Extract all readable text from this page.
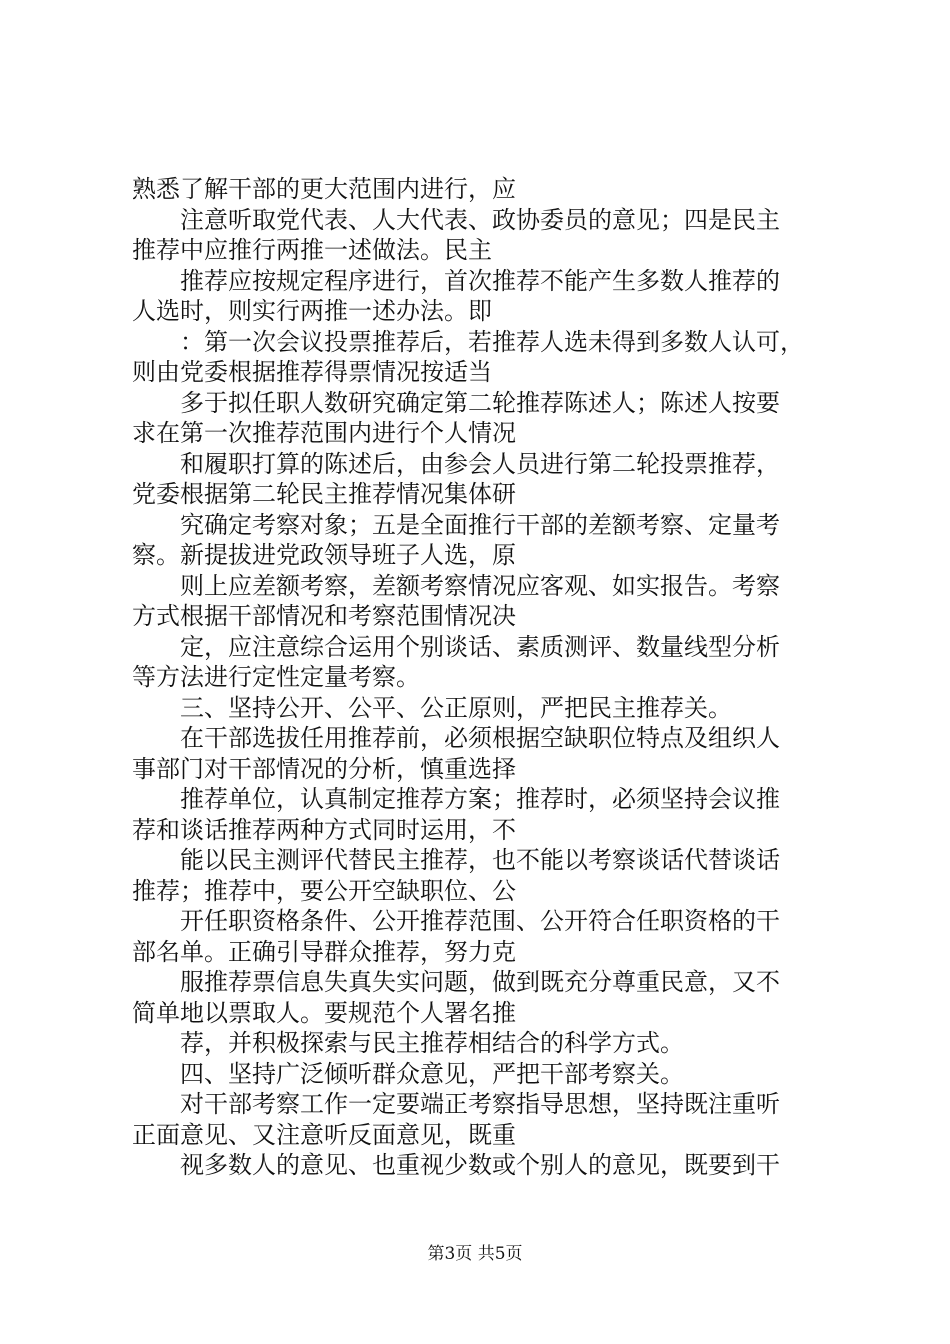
熟悉了解干部的更大范围内进行，应
注意听取党代表、人大代表、政协委员的意见；四是民主
推荐中应推行两推一述做法。民主
推荐应按规定程序进行，首次推荐不能产生多数人推荐的
人选时，则实行两推一述办法。即
：第一次会议投票推荐后，若推荐人选未得到多数人认可，
则由党委根据推荐得票情况按适当
多于拟任职人数研究确定第二轮推荐陈述人；陈述人按要
求在第一次推荐范围内进行个人情况
和履职打算的陈述后，由参会人员进行第二轮投票推荐，
党委根据第二轮民主推荐情况集体研
究确定考察对象；五是全面推行干部的差额考察、定量考
察。新提拔进党政领导班子人选，原
则上应差额考察，差额考察情况应客观、如实报告。考察
方式根据干部情况和考察范围情况决
定，应注意综合运用个别谈话、素质测评、数量线型分析
等方法进行定性定量考察。
三、坚持公开、公平、公正原则，严把民主推荐关。
在干部选拔任用推荐前，必须根据空缺职位特点及组织人
事部门对干部情况的分析，慎重选择
推荐单位，认真制定推荐方案；推荐时，必须坚持会议推
荐和谈话推荐两种方式同时运用，不
能以民主测评代替民主推荐，也不能以考察谈话代替谈话
推荐；推荐中，要公开空缺职位、公
开任职资格条件、公开推荐范围、公开符合任职资格的干
部名单。正确引导群众推荐，努力克
服推荐票信息失真失实问题，做到既充分尊重民意，又不
简单地以票取人。要规范个人署名推
荐，并积极探索与民主推荐相结合的科学方式。
四、坚持广泛倾听群众意见，严把干部考察关。
对干部考察工作一定要端正考察指导思想，坚持既注重听
正面意见、又注意听反面意见，既重
视多数人的意见、也重视少数或个别人的意见，既要到干
第3页 共5页
